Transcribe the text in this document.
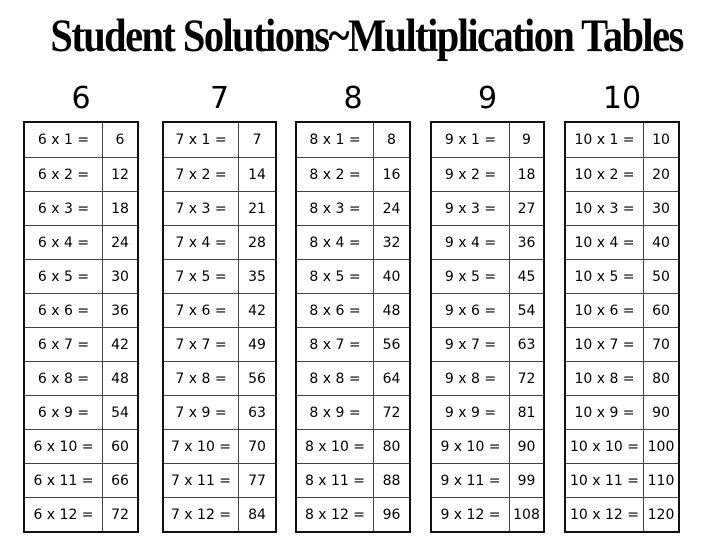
Student Solutions~Multiplication Tables
6
6 x 1 =	6
6 x 2 =	12
6 x 3 =	18
6 x 4 =	24
6 x 5 =	30
6 x 6 =	36
6 x 7 =	42
6 x 8 =	48
6 x 9 =	54
6 x 10 =	60
6 x 11 =	66
6 x 12 =	72
7
7 x 1 =	7
7 x 2 =	14
7 x 3 =	21
7 x 4 =	28
7 x 5 =	35
7 x 6 =	42
7 x 7 =	49
7 x 8 =	56
7 x 9 =	63
7 x 10 =	70
7 x 11 =	77
7 x 12 =	84
8
8 x 1 =	8
8 x 2 =	16
8 x 3 =	24
8 x 4 =	32
8 x 5 =	40
8 x 6 =	48
8 x 7 =	56
8 x 8 =	64
8 x 9 =	72
8 x 10 =	80
8 x 11 =	88
8 x 12 =	96
9
9 x 1 =	9
9 x 2 =	18
9 x 3 =	27
9 x 4 =	36
9 x 5 =	45
9 x 6 =	54
9 x 7 =	63
9 x 8 =	72
9 x 9 =	81
9 x 10 =	90
9 x 11 =	99
9 x 12 = 108
10
10 x 1 =	10
10 x 2 =	20
10 x 3 =	30
10 x 4 =	40
10 x 5 =	50
10 x 6 =	60
10 x 7 =	70
10 x 8 =	80
10 x 9 =	90
10 x 10 = 100
10 x 11 = 110
10 x 12 = 120
